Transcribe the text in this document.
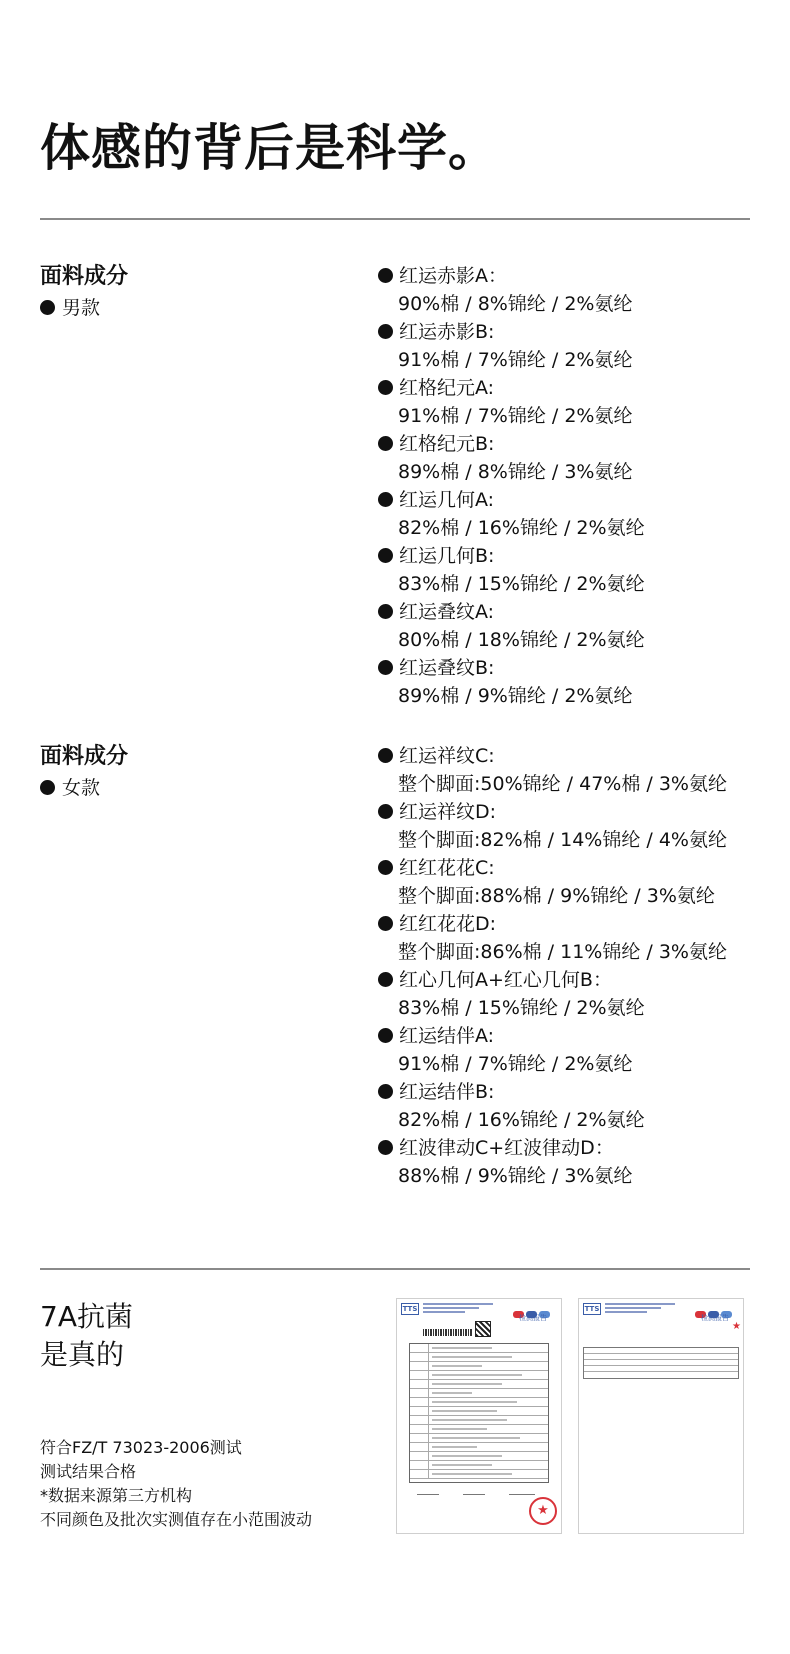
体感的背后是科学。
面料成分
男款
红运赤影A：
90%棉 / 8%锦纶 / 2%氨纶
红运赤影B:
91%棉 / 7%锦纶 / 2%氨纶
红格纪元A:
91%棉 / 7%锦纶 / 2%氨纶
红格纪元B:
89%棉 / 8%锦纶 / 3%氨纶
红运几何A:
82%棉 / 16%锦纶 / 2%氨纶
红运几何B:
83%棉 / 15%锦纶 / 2%氨纶
红运叠纹A:
80%棉 / 18%锦纶 / 2%氨纶
红运叠纹B:
89%棉 / 9%锦纶 / 2%氨纶
面料成分
女款
红运祥纹C:
整个脚面:50%锦纶 / 47%棉 / 3%氨纶
红运祥纹D:
整个脚面:82%棉 / 14%锦纶 / 4%氨纶
红红花花C:
整个脚面:88%棉 / 9%锦纶 / 3%氨纶
红红花花D:
整个脚面:86%棉 / 11%锦纶 / 3%氨纶
红心几何A+红心几何B：
83%棉 / 15%锦纶 / 2%氨纶
红运结伴A:
91%棉 / 7%锦纶 / 2%氨纶
红运结伴B:
82%棉 / 16%锦纶 / 2%氨纶
红波律动C+红波律动D：
88%棉 / 9%锦纶 / 3%氨纶
7A抗菌
是真的
符合FZ/T 73023-2006测试
测试结果合格
*数据来源第三方机构
不同颜色及批次实测值存在小范围波动
TTS
检测报告
★
TTS
检测报告
★
